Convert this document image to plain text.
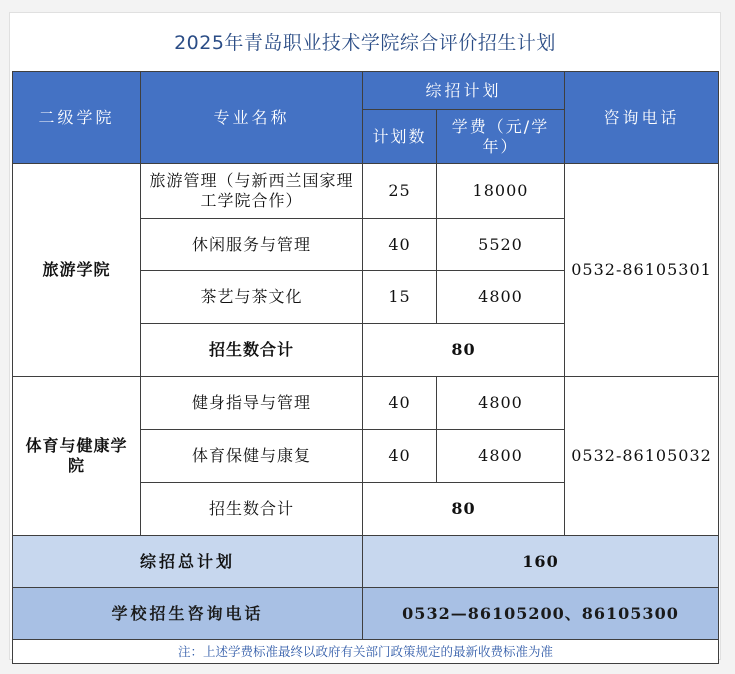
2025年青岛职业技术学院综合评价招生计划
二级学院	专业名称	综招计划		咨询电话
		计划数	学费（元/学年）	
旅游学院	旅游管理（与新西兰国家理工学院合作）	25	18000	0532-86105301
	休闲服务与管理	40	5520	
	茶艺与茶文化	15	4800	
	招生数合计	80		
体育与健康学院	健身指导与管理	40	4800	0532-86105032
	体育保健与康复	40	4800	
	招生数合计	80		
综招总计划		160		
学校招生咨询电话		0532—86105200、86105300		
注：上述学费标准最终以政府有关部门政策规定的最新收费标准为准				
